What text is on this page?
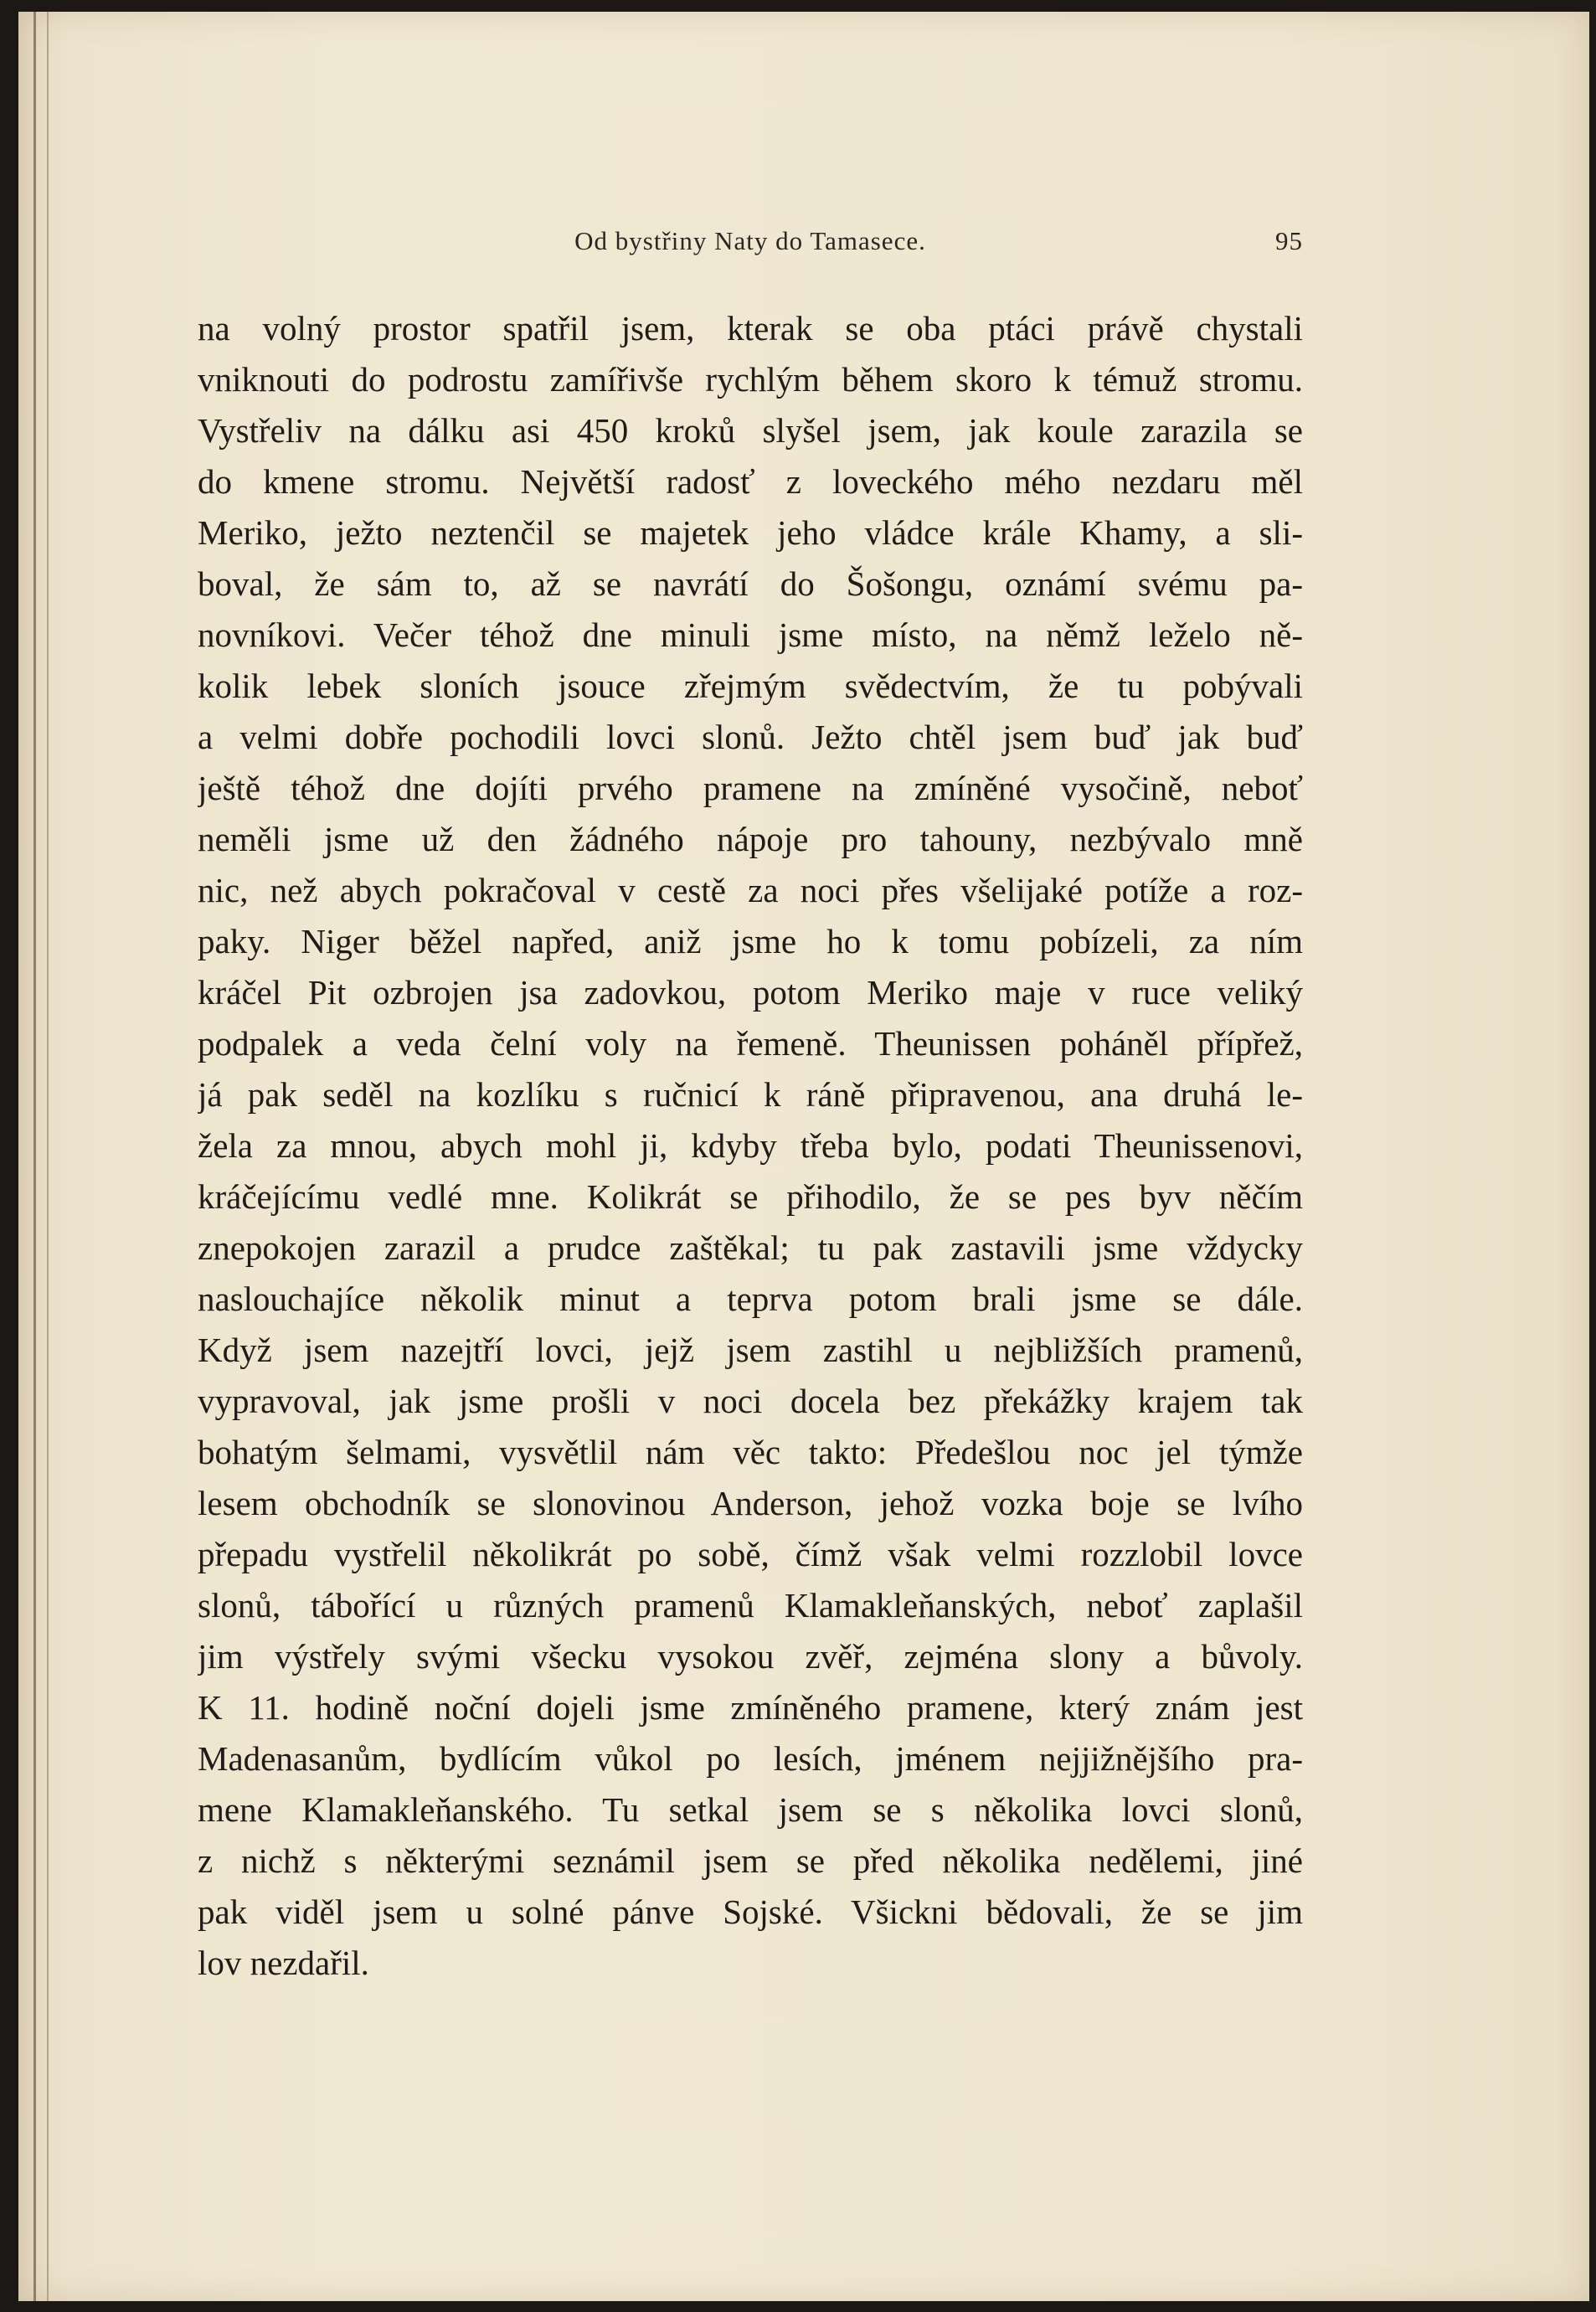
Od bystřiny Naty do Tamasece.	95
na volný prostor spatřil jsem, kterak se oba ptáci právě chystali
vniknouti do podrostu zamířivše rychlým během skoro k témuž stromu.
Vystřeliv na dálku asi 450 kroků slyšel jsem, jak koule zarazila se
do kmene stromu. Největší radosť z loveckého mého nezdaru měl
Meriko, ježto neztenčil se majetek jeho vládce krále Khamy, a sli-
boval, že sám to, až se navrátí do Šošongu, oznámí svému pa-
novníkovi. Večer téhož dne minuli jsme místo, na němž leželo ně-
kolik lebek sloních jsouce zřejmým svědectvím, že tu pobývali
a velmi dobře pochodili lovci slonů. Ježto chtěl jsem buď jak buď
ještě téhož dne dojíti prvého pramene na zmíněné vysočině, neboť
neměli jsme už den žádného nápoje pro tahouny, nezbývalo mně
nic, než abych pokračoval v cestě za noci přes všelijaké potíže a roz-
paky. Niger běžel napřed, aniž jsme ho k tomu pobízeli, za ním
kráčel Pit ozbrojen jsa zadovkou, potom Meriko maje v ruce veliký
podpalek a veda čelní voly na řemeně. Theunissen poháněl přípřež,
já pak seděl na kozlíku s ručnicí k ráně připravenou, ana druhá le-
žela za mnou, abych mohl ji, kdyby třeba bylo, podati Theunissenovi,
kráčejícímu vedlé mne. Kolikrát se přihodilo, že se pes byv něčím
znepokojen zarazil a prudce zaštěkal; tu pak zastavili jsme vždycky
naslouchajíce několik minut a teprva potom brali jsme se dále.
Když jsem nazejtří lovci, jejž jsem zastihl u nejbližších pramenů,
vypravoval, jak jsme prošli v noci docela bez překážky krajem tak
bohatým šelmami, vysvětlil nám věc takto: Předešlou noc jel týmže
lesem obchodník se slonovinou Anderson, jehož vozka boje se lvího
přepadu vystřelil několikrát po sobě, čímž však velmi rozzlobil lovce
slonů, tábořící u různých pramenů Klamakleňanských, neboť zaplašil
jim výstřely svými všecku vysokou zvěř, zejména slony a bůvoly.
K 11. hodině noční dojeli jsme zmíněného pramene, který znám jest
Madenasanům, bydlícím vůkol po lesích, jménem nejjižnějšího pra-
mene Klamakleňanského. Tu setkal jsem se s několika lovci slonů,
z nichž s některými seznámil jsem se před několika nedělemi, jiné
pak viděl jsem u solné pánve Sojské. Všickni bědovali, že se jim
lov nezdařil.
